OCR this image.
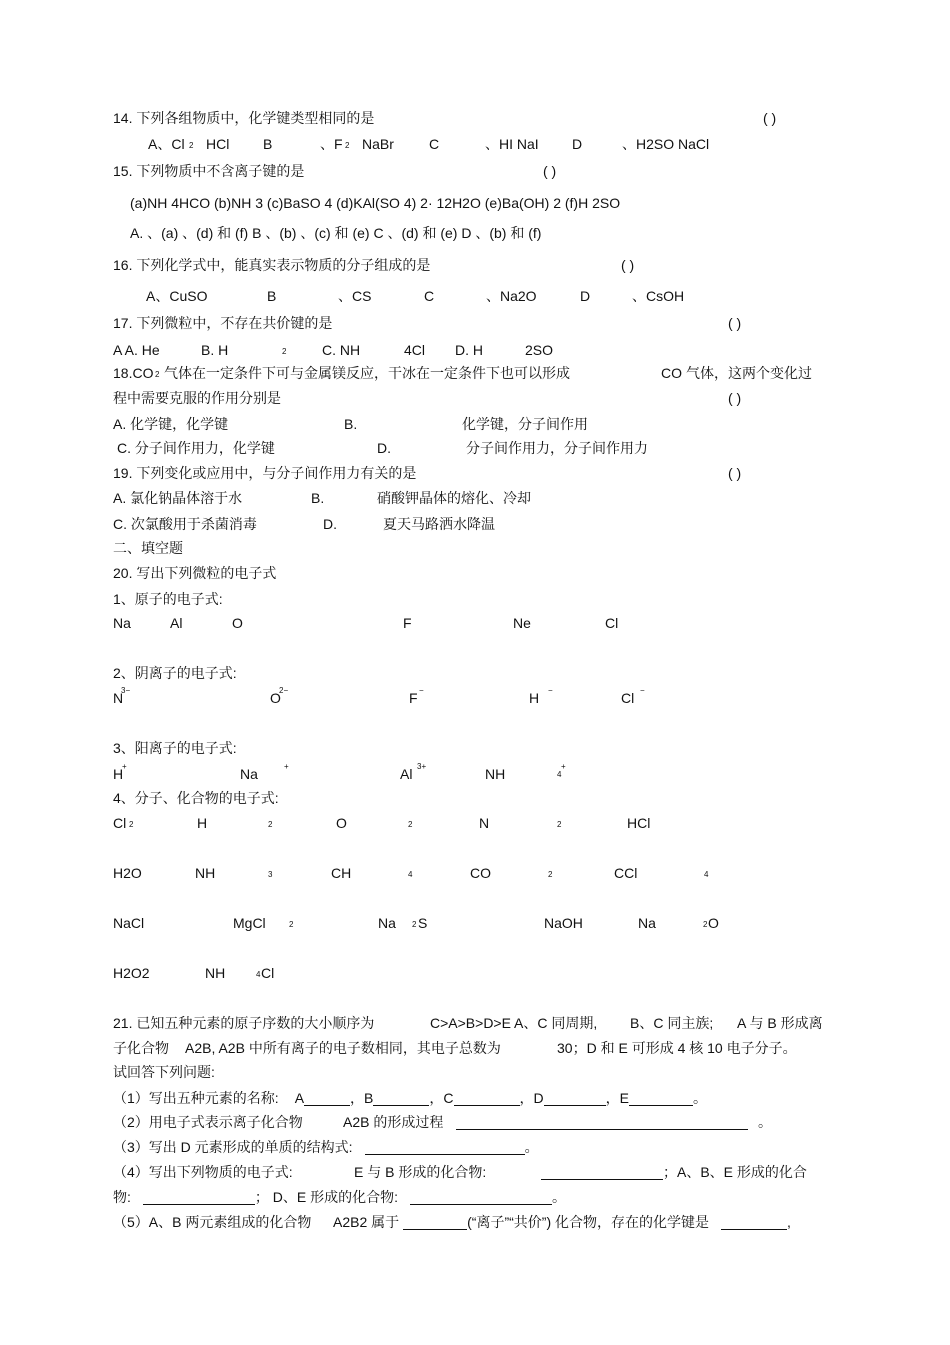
14. 下列各组物质中，化学键类型相同的是	( )
A、Cl 2 HCl B	、F 2 NaBr	C	、HI NaI D	、H2SO NaCl
15. 下列物质中不含离子键的是	( )
(a)NH 4HCO (b)NH 3 (c)BaSO 4 (d)KAl(SO 4) 2· 12H2O (e)Ba(OH) 2 (f)H 2SO
A. 、(a) 、(d) 和 (f) B 、(b) 、(c) 和 (e) C 、(d) 和 (e) D 、(b) 和 (f)
16. 下列化学式中，能真实表示物质的分子组成的是	( )
A、CuSO	B	、CS	C	、Na2O	D	、CsOH
17. 下列微粒中，不存在共价键的是	( )
A A. He	B. H	2	C. NH	4Cl D. H	2SO
18.CO 2 气体在一定条件下可与金属镁反应，干冰在一定条件下也可以形成	CO 气体，这两个变化过
程中需要克服的作用分别是	( )
A. 化学键，化学键	B.	化学键，分子间作用
C. 分子间作用力，化学键	D.	分子间作用力，分子间作用力
19. 下列变化或应用中，与分子间作用力有关的是	( )
A. 氯化钠晶体溶于水	B.	硝酸钾晶体的熔化、冷却
C. 次氯酸用于杀菌消毒	D.	夏天马路洒水降温
二、填空题
20. 写出下列微粒的电子式
1、原子的电子式:
Na	Al	O	F	Ne	Cl
2、阴离子的电子式:
N
3−	O
2−	F −	H −	Cl −
3、阳离子的电子式:
H
+	Na	+	Al 3+	NH	4
+
4、分子、化合物的电子式:
Cl 2	H	2	O	2	N	2	HCl
H2O	NH	3	CH	4	CO	2	CCl	4
NaCl	MgCl	2	Na 2 S	NaOH	Na	2 O
H2O2	NH	4 Cl
21. 已知五种元素的原子序数的大小顺序为	C>A>B>D>E A、C 同周期, B、C 同主族; A 与 B 形成离
子化合物 A2B, A2B 中所有离子的电子数相同，其电子总数为	30；D 和 E 可形成 4 核 10 电子分子。
试回答下列问题:
（1）写出五种元素的名称: A	，B	，C	，D	，E	。
（2）用电子式表示离子化合物	A2B 的形成过程	。
（3）写出 D 元素形成的单质的结构式:	。
（4）写出下列物质的电子式:	E 与 B 形成的化合物:	；A、B、E 形成的化合
物:	； D、E 形成的化合物:	。
（5）A、B 两元素组成的化合物 A2B2 属于	(“离子”“共价”) 化合物，存在的化学键是	,
